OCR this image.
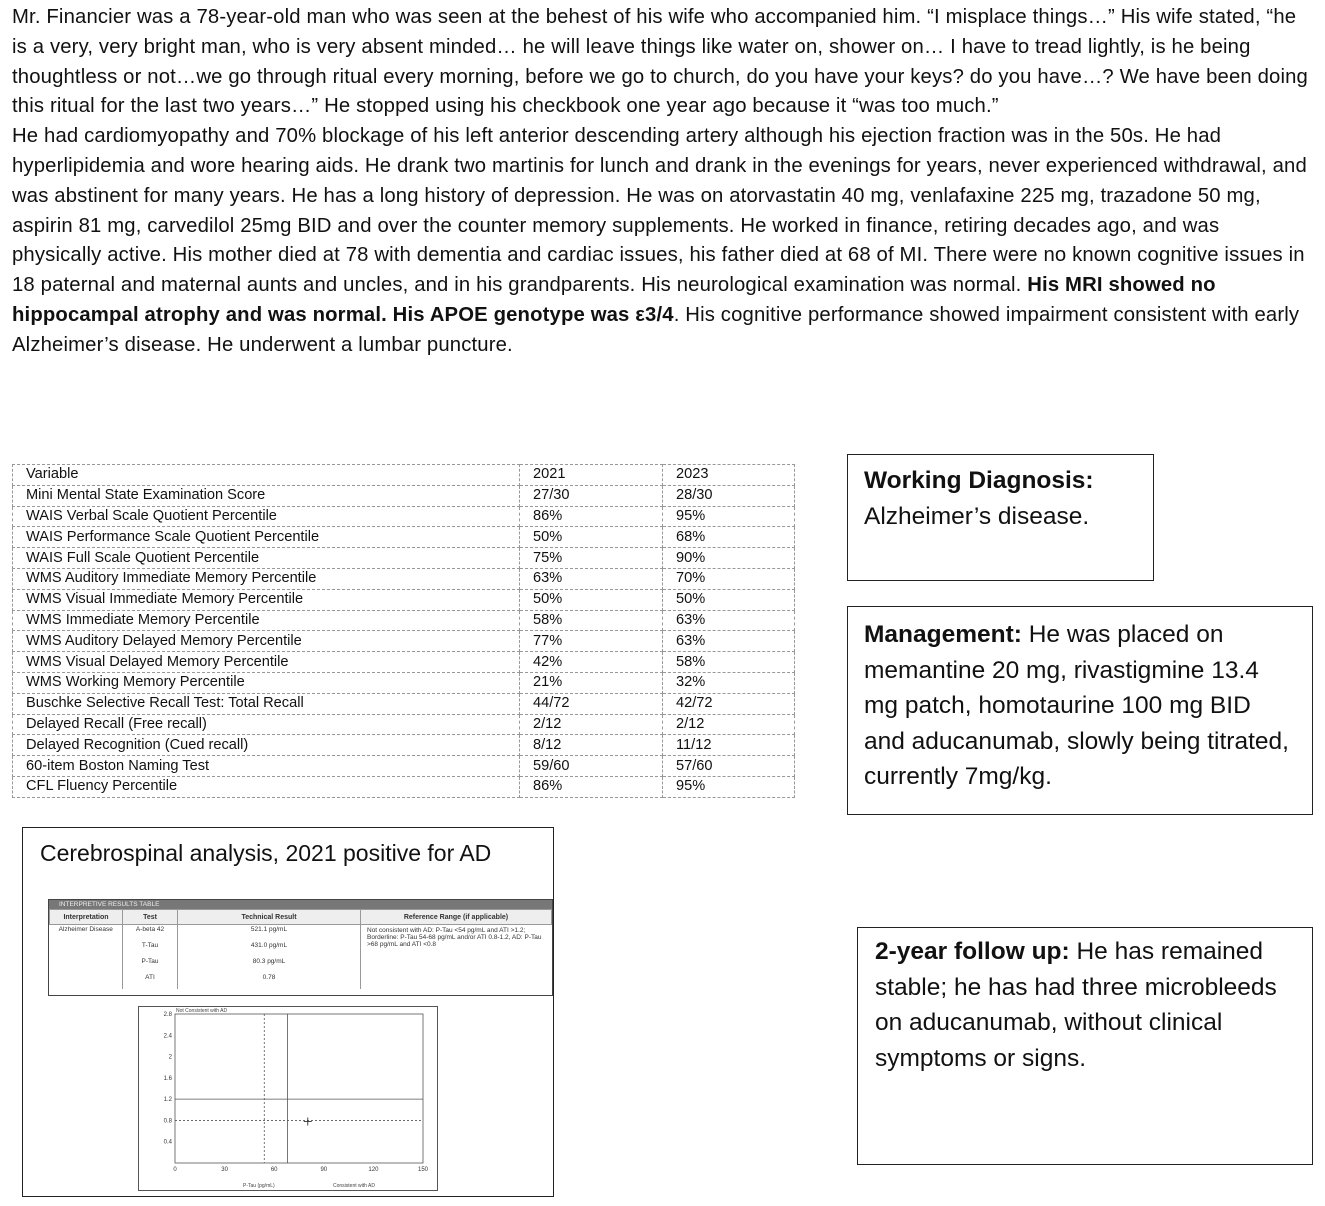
Mr. Financier was a 78-year-old man who was seen at the behest of his wife who accompanied him. “I misplace things…” His wife stated, “he is a very, very bright man, who is very absent minded… he will leave things like water on, shower on… I have to tread lightly, is he being thoughtless or not…we go through ritual every morning, before we go to church, do you have your keys? do you have…? We have been doing this ritual for the last two years…” He stopped using his checkbook one year ago because it “was too much.”

He had cardiomyopathy and 70% blockage of his left anterior descending artery although his ejection fraction was in the 50s. He had hyperlipidemia and wore hearing aids. He drank two martinis for lunch and drank in the evenings for years, never experienced withdrawal, and was abstinent for many years. He has a long history of depression. He was on atorvastatin 40 mg, venlafaxine 225 mg, trazadone 50 mg, aspirin 81 mg, carvedilol 25mg BID and over the counter memory supplements. He worked in finance, retiring decades ago, and was physically active. His mother died at 78 with dementia and cardiac issues, his father died at 68 of MI. There were no known cognitive issues in 18 paternal and maternal aunts and uncles, and in his grandparents. His neurological examination was normal. His MRI showed no hippocampal atrophy and was normal. His APOE genotype was ε3/4. His cognitive performance showed impairment consistent with early Alzheimer’s disease. He underwent a lumbar puncture.

Variable	2021	2023
Mini Mental State Examination Score	27/30	28/30
WAIS Verbal Scale Quotient Percentile	86%	95%
WAIS Performance Scale Quotient Percentile	50%	68%
WAIS Full Scale Quotient Percentile	75%	90%
WMS Auditory Immediate Memory Percentile	63%	70%
WMS Visual Immediate Memory Percentile	50%	50%
WMS Immediate Memory Percentile	58%	63%
WMS Auditory Delayed Memory Percentile	77%	63%
WMS Visual Delayed Memory Percentile	42%	58%
WMS Working Memory Percentile	21%	32%
Buschke Selective Recall Test: Total Recall	44/72	42/72
Delayed Recall (Free recall)	2/12	2/12
Delayed Recognition (Cued recall)	8/12	11/12
60-item Boston Naming Test	59/60	57/60
CFL Fluency Percentile	86%	95%
Working Diagnosis:
Alzheimer’s disease.
Management: He was placed on memantine 20 mg, rivastigmine 13.4 mg patch, homotaurine 100 mg BID and aducanumab, slowly being titrated, currently 7mg/kg.
2-year follow up: He has remained stable; he has had three microbleeds on aducanumab, without clinical symptoms or signs.
Cerebrospinal analysis, 2021 positive for AD
INTERPRETIVE RESULTS TABLE
Interpretation	Test	Technical Result	Reference Range (if applicable)
Alzheimer Disease	A-beta 42	521.1 pg/mL	Not consistent with AD: P-Tau <54 pg/mL and ATI >1.2; Borderline: P-Tau 54-68 pg/mL and/or ATI 0.8-1.2, AD: P-Tau >68 pg/mL and ATI <0.8
	T-Tau	431.0 pg/mL	
	P-Tau	80.3 pg/mL	
	ATI	0.78	
Not Consistent with AD
P-Tau (pg/mL)	Consistent with AD
0	30	60	90	120	150
0.4
0.8
1.2
1.6
2
2.4
2.8
